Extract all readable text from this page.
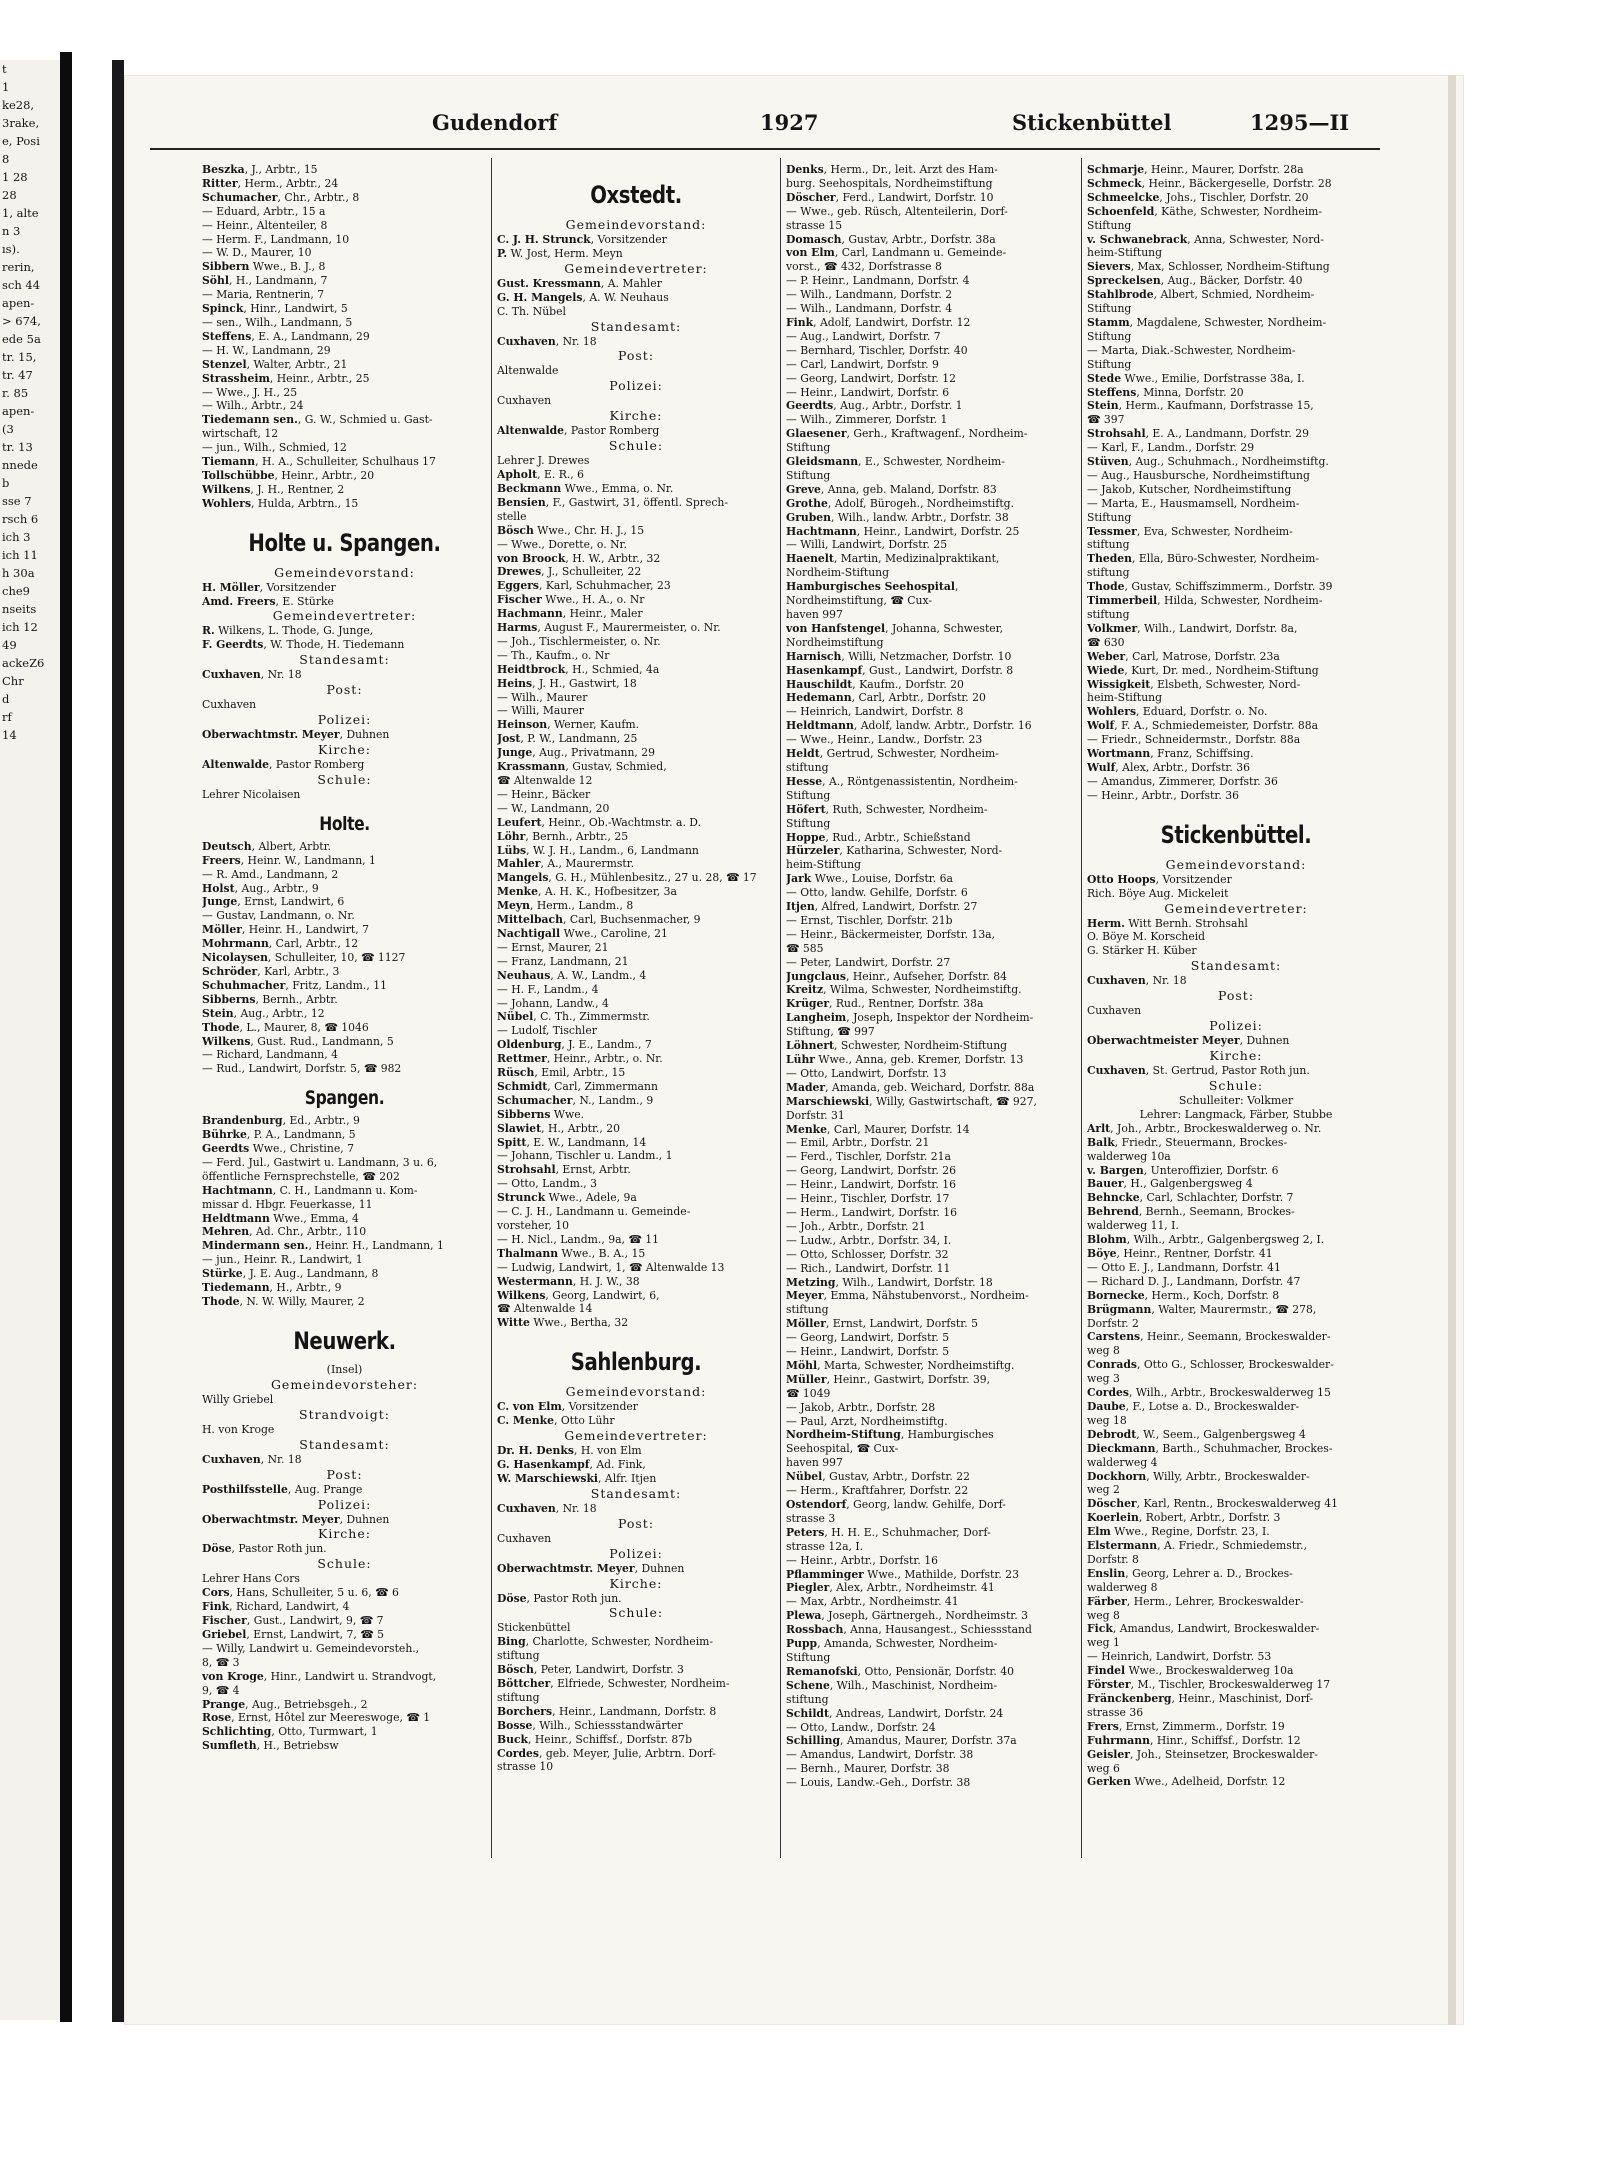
t
1
ke28,
3rake,
e, Posi
8
1 28
28
1, alte
n 3
ıs).
rerin,
sch 44
apen-
> 674,
ede 5a
tr. 15,
tr. 47
r. 85
apen-
(3
tr. 13
nnede
b
sse 7
rsch 6
ich 3
ich 11
h 30a
che9
nseits
ich 12
49
ackeZ6
Chr
d
rf
14
Gudendorf	1927	Stickenbüttel	1295—II
Beszka, J., Arbtr., 15
Ritter, Herm., Arbtr., 24
Schumacher, Chr., Arbtr., 8
— Eduard, Arbtr., 15 a
— Heinr., Altenteiler, 8
— Herm. F., Landmann, 10
— W. D., Maurer, 10
Sibbern Wwe., B. J., 8
Söhl, H., Landmann, 7
— Maria, Rentnerin, 7
Spinck, Hinr., Landwirt, 5
— sen., Wilh., Landmann, 5
Steffens, E. A., Landmann, 29
— H. W., Landmann, 29
Stenzel, Walter, Arbtr., 21
Strassheim, Heinr., Arbtr., 25
— Wwe., J. H., 25
— Wilh., Arbtr., 24
Tiedemann sen., G. W., Schmied u. Gast-
wirtschaft, 12
— jun., Wilh., Schmied, 12
Tiemann, H. A., Schulleiter, Schulhaus 17
Tollschübbe, Heinr., Arbtr., 20
Wilkens, J. H., Rentner, 2
Wohlers, Hulda, Arbtrn., 15
Holte u. Spangen.
Gemeindevorstand:
H. Möller, Vorsitzender
Amd. Freers, E. Stürke
Gemeindevertreter:
R. Wilkens, L. Thode, G. Junge,
F. Geerdts, W. Thode, H. Tiedemann
Standesamt:
Cuxhaven, Nr. 18
Post:
Cuxhaven
Polizei:
Oberwachtmstr. Meyer, Duhnen
Kirche:
Altenwalde, Pastor Romberg
Schule:
Lehrer Nicolaisen
Holte.
Deutsch, Albert, Arbtr.
Freers, Heinr. W., Landmann, 1
— R. Amd., Landmann, 2
Holst, Aug., Arbtr., 9
Junge, Ernst, Landwirt, 6
— Gustav, Landmann, o. Nr.
Möller, Heinr. H., Landwirt, 7
Mohrmann, Carl, Arbtr., 12
Nicolaysen, Schulleiter, 10, ☎ 1127
Schröder, Karl, Arbtr., 3
Schuhmacher, Fritz, Landm., 11
Sibberns, Bernh., Arbtr.
Stein, Aug., Arbtr., 12
Thode, L., Maurer, 8, ☎ 1046
Wilkens, Gust. Rud., Landmann, 5
— Richard, Landmann, 4
— Rud., Landwirt, Dorfstr. 5, ☎ 982
Spangen.
Brandenburg, Ed., Arbtr., 9
Bührke, P. A., Landmann, 5
Geerdts Wwe., Christine, 7
— Ferd. Jul., Gastwirt u. Landmann, 3 u. 6,
öffentliche Fernsprechstelle, ☎ 202
Hachtmann, C. H., Landmann u. Kom-
missar d. Hbgr. Feuerkasse, 11
Heldtmann Wwe., Emma, 4
Mehren, Ad. Chr., Arbtr., 110
Mindermann sen., Heinr. H., Landmann, 1
— jun., Heinr. R., Landwirt, 1
Stürke, J. E. Aug., Landmann, 8
Tiedemann, H., Arbtr., 9
Thode, N. W. Willy, Maurer, 2
Neuwerk.
(Insel)
Gemeindevorsteher:
Willy Griebel
Strandvoigt:
H. von Kroge
Standesamt:
Cuxhaven, Nr. 18
Post:
Posthilfsstelle, Aug. Prange
Polizei:
Oberwachtmstr. Meyer, Duhnen
Kirche:
Döse, Pastor Roth jun.
Schule:
Lehrer Hans Cors
Cors, Hans, Schulleiter, 5 u. 6, ☎ 6
Fink, Richard, Landwirt, 4
Fischer, Gust., Landwirt, 9, ☎ 7
Griebel, Ernst, Landwirt, 7, ☎ 5
— Willy, Landwirt u. Gemeindevorsteh.,
8, ☎ 3
von Kroge, Hinr., Landwirt u. Strandvogt,
9, ☎ 4
Prange, Aug., Betriebsgeh., 2
Rose, Ernst, Hôtel zur Meereswoge, ☎ 1
Schlichting, Otto, Turmwart, 1
Sumfleth, H., Betriebsw
Oxstedt.
Gemeindevorstand:
C. J. H. Strunck, Vorsitzender
P. W. Jost, Herm. Meyn
Gemeindevertreter:
Gust. Kressmann, A. Mahler
G. H. Mangels, A. W. Neuhaus
C. Th. Nübel
Standesamt:
Cuxhaven, Nr. 18
Post:
Altenwalde
Polizei:
Cuxhaven
Kirche:
Altenwalde, Pastor Romberg
Schule:
Lehrer J. Drewes
Apholt, E. R., 6
Beckmann Wwe., Emma, o. Nr.
Bensien, F., Gastwirt, 31, öffentl. Sprech-
stelle
Bösch Wwe., Chr. H. J., 15
— Wwe., Dorette, o. Nr.
von Broock, H. W., Arbtr., 32
Drewes, J., Schulleiter, 22
Eggers, Karl, Schuhmacher, 23
Fischer Wwe., H. A., o. Nr
Hachmann, Heinr., Maler
Harms, August F., Maurermeister, o. Nr.
— Joh., Tischlermeister, o. Nr.
— Th., Kaufm., o. Nr
Heidtbrock, H., Schmied, 4a
Heins, J. H., Gastwirt, 18
— Wilh., Maurer
— Willi, Maurer
Heinson, Werner, Kaufm.
Jost, P. W., Landmann, 25
Junge, Aug., Privatmann, 29
Krassmann, Gustav, Schmied,
☎ Altenwalde 12
— Heinr., Bäcker
— W., Landmann, 20
Leufert, Heinr., Ob.-Wachtmstr. a. D.
Löhr, Bernh., Arbtr., 25
Lübs, W. J. H., Landm., 6, Landmann
Mahler, A., Maurermstr.
Mangels, G. H., Mühlenbesitz., 27 u. 28, ☎ 17
Menke, A. H. K., Hofbesitzer, 3a
Meyn, Herm., Landm., 8
Mittelbach, Carl, Buchsenmacher, 9
Nachtigall Wwe., Caroline, 21
— Ernst, Maurer, 21
— Franz, Landmann, 21
Neuhaus, A. W., Landm., 4
— H. F., Landm., 4
— Johann, Landw., 4
Nübel, C. Th., Zimmermstr.
— Ludolf, Tischler
Oldenburg, J. E., Landm., 7
Rettmer, Heinr., Arbtr., o. Nr.
Rüsch, Emil, Arbtr., 15
Schmidt, Carl, Zimmermann
Schumacher, N., Landm., 9
Sibberns Wwe.
Slawiet, H., Arbtr., 20
Spitt, E. W., Landmann, 14
— Johann, Tischler u. Landm., 1
Strohsahl, Ernst, Arbtr.
— Otto, Landm., 3
Strunck Wwe., Adele, 9a
— C. J. H., Landmann u. Gemeinde-
vorsteher, 10
— H. Nicl., Landm., 9a, ☎ 11
Thalmann Wwe., B. A., 15
— Ludwig, Landwirt, 1, ☎ Altenwalde 13
Westermann, H. J. W., 38
Wilkens, Georg, Landwirt, 6,
☎ Altenwalde 14
Witte Wwe., Bertha, 32
Sahlenburg.
Gemeindevorstand:
C. von Elm, Vorsitzender
C. Menke, Otto Lühr
Gemeindevertreter:
Dr. H. Denks, H. von Elm
G. Hasenkampf, Ad. Fink,
W. Marschiewski, Alfr. Itjen
Standesamt:
Cuxhaven, Nr. 18
Post:
Cuxhaven
Polizei:
Oberwachtmstr. Meyer, Duhnen
Kirche:
Döse, Pastor Roth jun.
Schule:
Stickenbüttel
Bing, Charlotte, Schwester, Nordheim-
stiftung
Bösch, Peter, Landwirt, Dorfstr. 3
Böttcher, Elfriede, Schwester, Nordheim-
stiftung
Borchers, Heinr., Landmann, Dorfstr. 8
Bosse, Wilh., Schiessstandwärter
Buck, Heinr., Schiffsf., Dorfstr. 87b
Cordes, geb. Meyer, Julie, Arbtrn. Dorf-
strasse 10
Denks, Herm., Dr., leit. Arzt des Ham-
burg. Seehospitals, Nordheimstiftung
Döscher, Ferd., Landwirt, Dorfstr. 10
— Wwe., geb. Rüsch, Altenteilerin, Dorf-
strasse 15
Domasch, Gustav, Arbtr., Dorfstr. 38a
von Elm, Carl, Landmann u. Gemeinde-
vorst., ☎ 432, Dorfstrasse 8
— P. Heinr., Landmann, Dorfstr. 4
— Wilh., Landmann, Dorfstr. 2
— Wilh., Landmann, Dorfstr. 4
Fink, Adolf, Landwirt, Dorfstr. 12
— Aug., Landwirt, Dorfstr. 7
— Bernhard, Tischler, Dorfstr. 40
— Carl, Landwirt, Dorfstr. 9
— Georg, Landwirt, Dorfstr. 12
— Heinr., Landwirt, Dorfstr. 6
Geerdts, Aug., Arbtr., Dorfstr. 1
— Wilh., Zimmerer, Dorfstr. 1
Glaesener, Gerh., Kraftwagenf., Nordheim-
Stiftung
Gleidsmann, E., Schwester, Nordheim-
Stiftung
Greve, Anna, geb. Maland, Dorfstr. 83
Grothe, Adolf, Bürogeh., Nordheimstiftg.
Gruben, Wilh., landw. Arbtr., Dorfstr. 38
Hachtmann, Heinr., Landwirt, Dorfstr. 25
— Willi, Landwirt, Dorfstr. 25
Haenelt, Martin, Medizinalpraktikant,
Nordheim-Stiftung
Hamburgisches Seehospital,
Nordheimstiftung, ☎ Cux-
haven 997
von Hanfstengel, Johanna, Schwester,
Nordheimstiftung
Harnisch, Willi, Netzmacher, Dorfstr. 10
Hasenkampf, Gust., Landwirt, Dorfstr. 8
Hauschildt, Kaufm., Dorfstr. 20
Hedemann, Carl, Arbtr., Dorfstr. 20
— Heinrich, Landwirt, Dorfstr. 8
Heldtmann, Adolf, landw. Arbtr., Dorfstr. 16
— Wwe., Heinr., Landw., Dorfstr. 23
Heldt, Gertrud, Schwester, Nordheim-
stiftung
Hesse, A., Röntgenassistentin, Nordheim-
Stiftung
Höfert, Ruth, Schwester, Nordheim-
Stiftung
Hoppe, Rud., Arbtr., Schießstand
Hürzeler, Katharina, Schwester, Nord-
heim-Stiftung
Jark Wwe., Louise, Dorfstr. 6a
— Otto, landw. Gehilfe, Dorfstr. 6
Itjen, Alfred, Landwirt, Dorfstr. 27
— Ernst, Tischler, Dorfstr. 21b
— Heinr., Bäckermeister, Dorfstr. 13a,
☎ 585
— Peter, Landwirt, Dorfstr. 27
Jungclaus, Heinr., Aufseher, Dorfstr. 84
Kreitz, Wilma, Schwester, Nordheimstiftg.
Krüger, Rud., Rentner, Dorfstr. 38a
Langheim, Joseph, Inspektor der Nordheim-
Stiftung, ☎ 997
Löhnert, Schwester, Nordheim-Stiftung
Lühr Wwe., Anna, geb. Kremer, Dorfstr. 13
— Otto, Landwirt, Dorfstr. 13
Mader, Amanda, geb. Weichard, Dorfstr. 88a
Marschiewski, Willy, Gastwirtschaft, ☎ 927,
Dorfstr. 31
Menke, Carl, Maurer, Dorfstr. 14
— Emil, Arbtr., Dorfstr. 21
— Ferd., Tischler, Dorfstr. 21a
— Georg, Landwirt, Dorfstr. 26
— Heinr., Landwirt, Dorfstr. 16
— Heinr., Tischler, Dorfstr. 17
— Herm., Landwirt, Dorfstr. 16
— Joh., Arbtr., Dorfstr. 21
— Ludw., Arbtr., Dorfstr. 34, I.
— Otto, Schlosser, Dorfstr. 32
— Rich., Landwirt, Dorfstr. 11
Metzing, Wilh., Landwirt, Dorfstr. 18
Meyer, Emma, Nähstubenvorst., Nordheim-
stiftung
Möller, Ernst, Landwirt, Dorfstr. 5
— Georg, Landwirt, Dorfstr. 5
— Heinr., Landwirt, Dorfstr. 5
Möhl, Marta, Schwester, Nordheimstiftg.
Müller, Heinr., Gastwirt, Dorfstr. 39,
☎ 1049
— Jakob, Arbtr., Dorfstr. 28
— Paul, Arzt, Nordheimstiftg.
Nordheim-Stiftung, Hamburgisches
Seehospital, ☎ Cux-
haven 997
Nübel, Gustav, Arbtr., Dorfstr. 22
— Herm., Kraftfahrer, Dorfstr. 22
Ostendorf, Georg, landw. Gehilfe, Dorf-
strasse 3
Peters, H. H. E., Schuhmacher, Dorf-
strasse 12a, I.
— Heinr., Arbtr., Dorfstr. 16
Pflamminger Wwe., Mathilde, Dorfstr. 23
Piegler, Alex, Arbtr., Nordheimstr. 41
— Max, Arbtr., Nordheimstr. 41
Plewa, Joseph, Gärtnergeh., Nordheimstr. 3
Rossbach, Anna, Hausangest., Schiessstand
Pupp, Amanda, Schwester, Nordheim-
Stiftung
Remanofski, Otto, Pensionär, Dorfstr. 40
Schene, Wilh., Maschinist, Nordheim-
stiftung
Schildt, Andreas, Landwirt, Dorfstr. 24
— Otto, Landw., Dorfstr. 24
Schilling, Amandus, Maurer, Dorfstr. 37a
— Amandus, Landwirt, Dorfstr. 38
— Bernh., Maurer, Dorfstr. 38
— Louis, Landw.-Geh., Dorfstr. 38
Schmarje, Heinr., Maurer, Dorfstr. 28a
Schmeck, Heinr., Bäckergeselle, Dorfstr. 28
Schmeelcke, Johs., Tischler, Dorfstr. 20
Schoenfeld, Käthe, Schwester, Nordheim-
Stiftung
v. Schwanebrack, Anna, Schwester, Nord-
heim-Stiftung
Sievers, Max, Schlosser, Nordheim-Stiftung
Spreckelsen, Aug., Bäcker, Dorfstr. 40
Stahlbrode, Albert, Schmied, Nordheim-
Stiftung
Stamm, Magdalene, Schwester, Nordheim-
Stiftung
— Marta, Diak.-Schwester, Nordheim-
Stiftung
Stede Wwe., Emilie, Dorfstrasse 38a, I.
Steffens, Minna, Dorfstr. 20
Stein, Herm., Kaufmann, Dorfstrasse 15,
☎ 397
Strohsahl, E. A., Landmann, Dorfstr. 29
— Karl, F., Landm., Dorfstr. 29
Stüven, Aug., Schuhmach., Nordheimstiftg.
— Aug., Hausbursche, Nordheimstiftung
— Jakob, Kutscher, Nordheimstiftung
— Marta, E., Hausmamsell, Nordheim-
Stiftung
Tessmer, Eva, Schwester, Nordheim-
stiftung
Theden, Ella, Büro-Schwester, Nordheim-
stiftung
Thode, Gustav, Schiffszimmerm., Dorfstr. 39
Timmerbeil, Hilda, Schwester, Nordheim-
stiftung
Volkmer, Wilh., Landwirt, Dorfstr. 8a,
☎ 630
Weber, Carl, Matrose, Dorfstr. 23a
Wiede, Kurt, Dr. med., Nordheim-Stiftung
Wissigkeit, Elsbeth, Schwester, Nord-
heim-Stiftung
Wohlers, Eduard, Dorfstr. o. No.
Wolf, F. A., Schmiedemeister, Dorfstr. 88a
— Friedr., Schneidermstr., Dorfstr. 88a
Wortmann, Franz, Schiffsing.
Wulf, Alex, Arbtr., Dorfstr. 36
— Amandus, Zimmerer, Dorfstr. 36
— Heinr., Arbtr., Dorfstr. 36
Stickenbüttel.
Gemeindevorstand:
Otto Hoops, Vorsitzender
Rich. Böye Aug. Mickeleit
Gemeindevertreter:
Herm. Witt Bernh. Strohsahl
O. Böye M. Korscheid
G. Stärker H. Küber
Standesamt:
Cuxhaven, Nr. 18
Post:
Cuxhaven
Polizei:
Oberwachtmeister Meyer, Duhnen
Kirche:
Cuxhaven, St. Gertrud, Pastor Roth jun.
Schule:
Schulleiter: Volkmer
Lehrer: Langmack, Färber, Stubbe
Arlt, Joh., Arbtr., Brockeswalderweg o. Nr.
Balk, Friedr., Steuermann, Brockes-
walderweg 10a
v. Bargen, Unteroffizier, Dorfstr. 6
Bauer, H., Galgenbergsweg 4
Behncke, Carl, Schlachter, Dorfstr. 7
Behrend, Bernh., Seemann, Brockes-
walderweg 11, I.
Blohm, Wilh., Arbtr., Galgenbergsweg 2, I.
Böye, Heinr., Rentner, Dorfstr. 41
— Otto E. J., Landmann, Dorfstr. 41
— Richard D. J., Landmann, Dorfstr. 47
Bornecke, Herm., Koch, Dorfstr. 8
Brügmann, Walter, Maurermstr., ☎ 278,
Dorfstr. 2
Carstens, Heinr., Seemann, Brockeswalder-
weg 8
Conrads, Otto G., Schlosser, Brockeswalder-
weg 3
Cordes, Wilh., Arbtr., Brockeswalderweg 15
Daube, F., Lotse a. D., Brockeswalder-
weg 18
Debrodt, W., Seem., Galgenbergsweg 4
Dieckmann, Barth., Schuhmacher, Brockes-
walderweg 4
Dockhorn, Willy, Arbtr., Brockeswalder-
weg 2
Döscher, Karl, Rentn., Brockeswalderweg 41
Koerlein, Robert, Arbtr., Dorfstr. 3
Elm Wwe., Regine, Dorfstr. 23, I.
Elstermann, A. Friedr., Schmiedemstr.,
Dorfstr. 8
Enslin, Georg, Lehrer a. D., Brockes-
walderweg 8
Färber, Herm., Lehrer, Brockeswalder-
weg 8
Fick, Amandus, Landwirt, Brockeswalder-
weg 1
— Heinrich, Landwirt, Dorfstr. 53
Findel Wwe., Brockeswalderweg 10a
Förster, M., Tischler, Brockeswalderweg 17
Fränckenberg, Heinr., Maschinist, Dorf-
strasse 36
Frers, Ernst, Zimmerm., Dorfstr. 19
Fuhrmann, Hinr., Schiffsf., Dorfstr. 12
Geisler, Joh., Steinsetzer, Brockeswalder-
weg 6
Gerken Wwe., Adelheid, Dorfstr. 12
